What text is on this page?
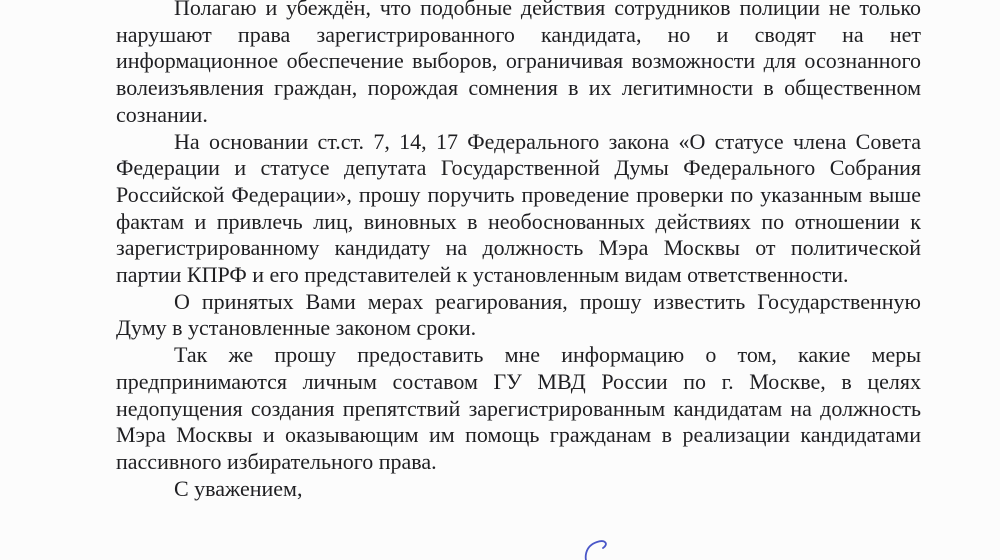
Полагаю и убеждён, что подобные действия сотрудников полиции не только нарушают права зарегистрированного кандидата, но и сводят на нет информационное обеспечение выборов, ограничивая возможности для осознанного волеизъявления граждан, порождая сомнения в их легитимности в общественном сознании.

На основании ст.ст. 7, 14, 17 Федерального закона «О статусе члена Совета Федерации и статусе депутата Государственной Думы Федерального Собрания Российской Федерации», прошу поручить проведение проверки по указанным выше фактам и привлечь лиц, виновных в необоснованных действиях по отношении к зарегистрированному кандидату на должность Мэра Москвы от политической партии КПРФ и его представителей к установленным видам ответственности.

О принятых Вами мерах реагирования, прошу известить Государственную Думу в установленные законом сроки.

Так же прошу предоставить мне информацию о том, какие меры предпринимаются личным составом ГУ МВД России по г. Москве, в целях недопущения создания препятствий зарегистрированным кандидатам на должность Мэра Москвы и оказывающим им помощь гражданам в реализации кандидатами пассивного избирательного права.

С уважением,
